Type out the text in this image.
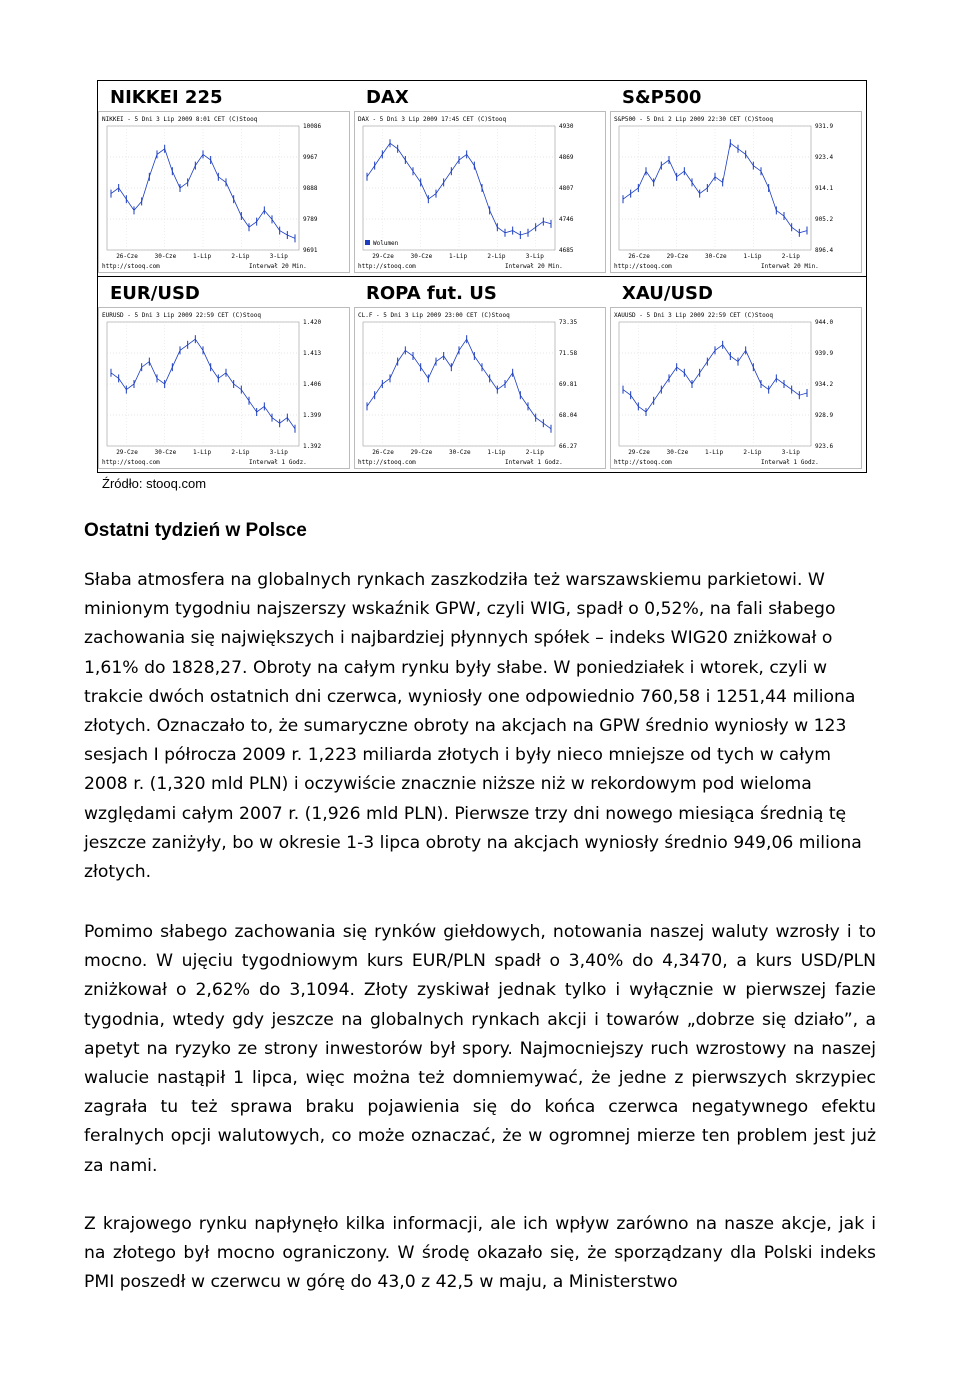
NIKKEI 225
NIKKEI - 5 Dni 3 Lip 2009 8:01 CET (C)Stooq
10086
9967
9888
9789
9691
26-Cze	30-Cze	1-Lip	2-Lip	3-Lip
http://stooq.com	Interwał 20 Min.
DAX
DAX - 5 Dni 3 Lip 2009 17:45 CET (C)Stooq
4930
4869
4807
4746
4685
29-Cze	30-Cze	1-Lip	2-Lip	3-Lip
Wolumen
http://stooq.com	Interwał 20 Min.
S&P500
S&P500 - 5 Dni 2 Lip 2009 22:30 CET (C)Stooq
931.9
923.4
914.1
905.2
896.4
26-Cze	29-Cze	30-Cze	1-Lip	2-Lip
http://stooq.com	Interwał 20 Min.
EUR/USD
EURUSD - 5 Dni 3 Lip 2009 22:59 CET (C)Stooq
1.420
1.413
1.406
1.399
1.392
29-Cze	30-Cze	1-Lip	2-Lip	3-Lip
http://stooq.com	Interwał 1 Godz.
ROPA fut. US
CL.F - 5 Dni 3 Lip 2009 23:00 CET (C)Stooq
73.35
71.58
69.81
68.04
66.27
26-Cze	29-Cze	30-Cze	1-Lip	2-Lip
http://stooq.com	Interwał 1 Godz.
XAU/USD
XAUUSD - 5 Dni 3 Lip 2009 22:59 CET (C)Stooq
944.0
939.9
934.2
928.9
923.6
29-Cze	30-Cze	1-Lip	2-Lip	3-Lip
http://stooq.com	Interwał 1 Godz.
Źródło: stooq.com
Ostatni tydzień w Polsce
Słaba atmosfera na globalnych rynkach zaszkodziła też warszawskiemu parkietowi. W minionym tygodniu najszerszy wskaźnik GPW, czyli WIG, spadł o 0,52%, na fali słabego zachowania się największych i najbardziej płynnych spółek – indeks WIG20 zniżkował o 1,61% do 1828,27. Obroty na całym rynku były słabe. W poniedziałek i wtorek, czyli w trakcie dwóch ostatnich dni czerwca, wyniosły one odpowiednio 760,58 i 1251,44 miliona złotych. Oznaczało to, że sumaryczne obroty na akcjach na GPW średnio wyniosły w 123 sesjach I półrocza 2009 r. 1,223 miliarda złotych i były nieco mniejsze od tych w całym 2008 r. (1,320 mld PLN) i oczywiście znacznie niższe niż w rekordowym pod wieloma względami całym 2007 r. (1,926 mld PLN). Pierwsze trzy dni nowego miesiąca średnią tę jeszcze zaniżyły, bo w okresie 1-3 lipca obroty na akcjach wyniosły średnio 949,06 miliona złotych.
Pomimo słabego zachowania się rynków giełdowych, notowania naszej waluty wzrosły i to mocno. W ujęciu tygodniowym kurs EUR/PLN spadł o 3,40% do 4,3470, a kurs USD/PLN zniżkował o 2,62% do 3,1094. Złoty zyskiwał jednak tylko i wyłącznie w pierwszej fazie tygodnia, wtedy gdy jeszcze na globalnych rynkach akcji i towarów „dobrze się działo”, a apetyt na ryzyko ze strony inwestorów był spory. Najmocniejszy ruch wzrostowy na naszej walucie nastąpił 1 lipca, więc można też domniemywać, że jedne z pierwszych skrzypiec zagrała tu też sprawa braku pojawienia się do końca czerwca negatywnego efektu feralnych opcji walutowych, co może oznaczać, że w ogromnej mierze ten problem jest już za nami.
Z krajowego rynku napłynęło kilka informacji, ale ich wpływ zarówno na nasze akcje, jak i na złotego był mocno ograniczony. W środę okazało się, że sporządzany dla Polski indeks PMI poszedł w czerwcu w górę do 43,0 z 42,5 w maju, a Ministerstwo
